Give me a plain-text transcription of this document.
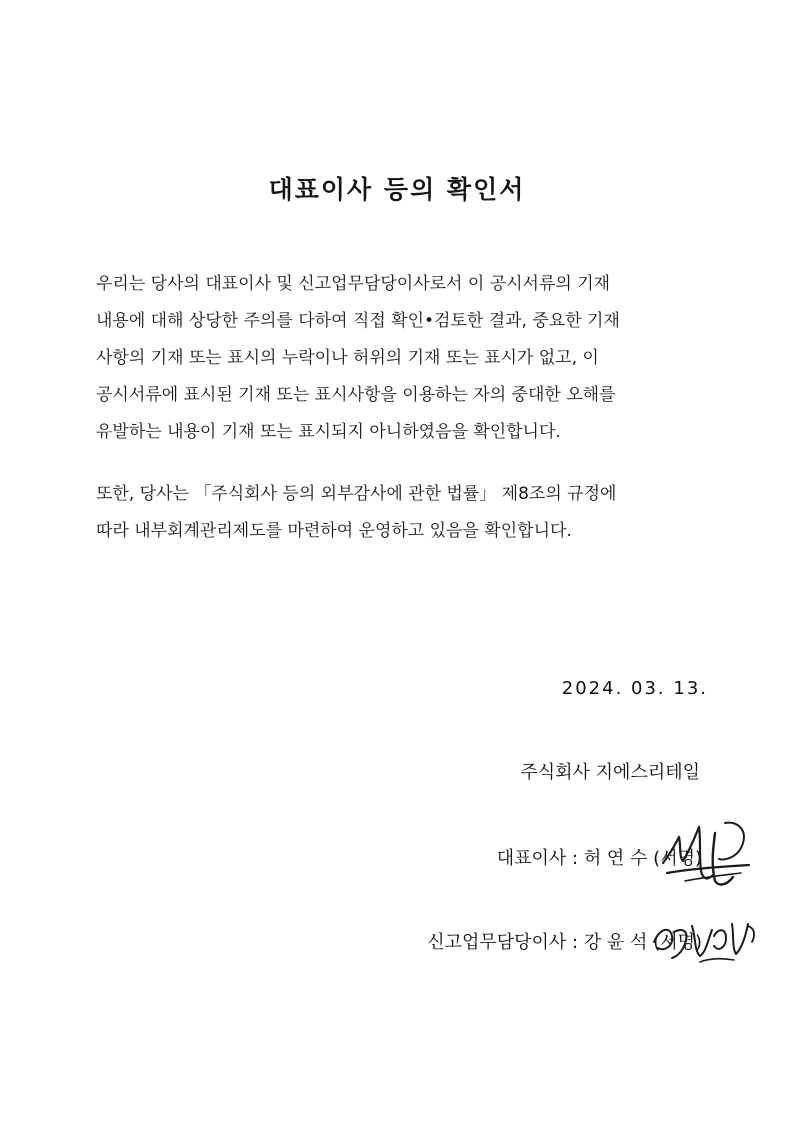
대표이사 등의 확인서
우리는 당사의 대표이사 및 신고업무담당이사로서 이 공시서류의 기재
내용에 대해 상당한 주의를 다하여 직접 확인•검토한 결과, 중요한 기재
사항의 기재 또는 표시의 누락이나 허위의 기재 또는 표시가 없고, 이
공시서류에 표시된 기재 또는 표시사항을 이용하는 자의 중대한 오해를
유발하는 내용이 기재 또는 표시되지 아니하였음을 확인합니다.
또한, 당사는 「주식회사 등의 외부감사에 관한 법률」 제8조의 규정에
따라 내부회계관리제도를 마련하여 운영하고 있음을 확인합니다.
2024. 03. 13.
주식회사 지에스리테일
대표이사 : 허 연 수 (서명)
신고업무담당이사 : 강 윤 석 (서명)
